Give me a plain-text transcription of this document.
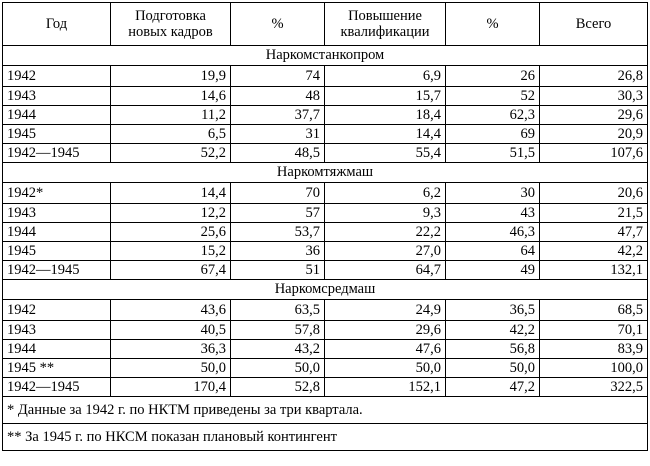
Год	Подготовка новых кадров	%	Повышение квалификации	%	Всего
Наркомстанкопром					
1942	19,9	74	6,9	26	26,8
1943	14,6	48	15,7	52	30,3
1944	11,2	37,7	18,4	62,3	29,6
1945	6,5	31	14,4	69	20,9
1942—1945	52,2	48,5	55,4	51,5	107,6
Наркомтяжмаш					
1942*	14,4	70	6,2	30	20,6
1943	12,2	57	9,3	43	21,5
1944	25,6	53,7	22,2	46,3	47,7
1945	15,2	36	27,0	64	42,2
1942—1945	67,4	51	64,7	49	132,1
Наркомсредмаш					
1942	43,6	63,5	24,9	36,5	68,5
1943	40,5	57,8	29,6	42,2	70,1
1944	36,3	43,2	47,6	56,8	83,9
1945 **	50,0	50,0	50,0	50,0	100,0
1942—1945	170,4	52,8	152,1	47,2	322,5
* Данные за 1942 г. по НКТМ приведены за три квартала.					
** За 1945 г. по НКСМ показан плановый контингент					
